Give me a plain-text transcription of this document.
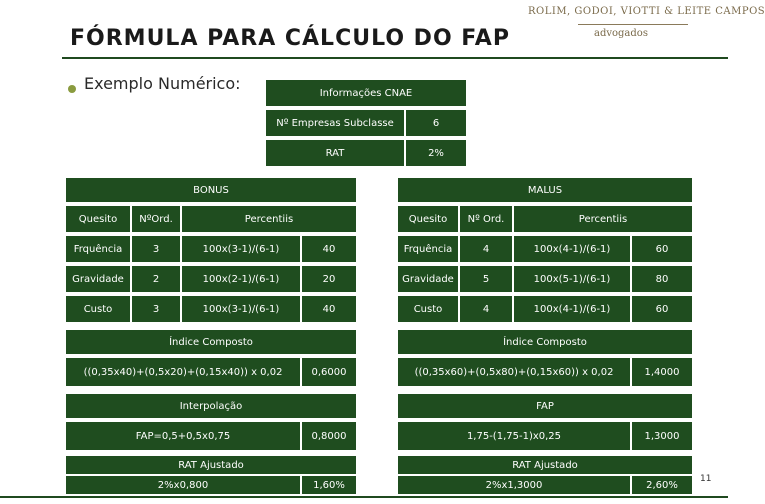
ROLIM, GODOI, VIOTTI & LEITE CAMPOS
advogados
FÓRMULA PARA CÁLCULO DO FAP
Exemplo Numérico:	Informações CNAE
Nº Empresas Subclasse	6
RAT	2%
BONUS
Quesito	NºOrd.	Percentiis
Frquência	3	100x(3-1)/(6-1)	40
Gravidade	2	100x(2-1)/(6-1)	20
Custo	3	100x(3-1)/(6-1)	40
Índice Composto
((0,35x40)+(0,5x20)+(0,15x40)) x 0,02	0,6000
Interpolação
FAP=0,5+0,5x0,75	0,8000
RAT Ajustado
2%x0,800	1,60%
MALUS
Quesito	Nº Ord.	Percentiis
Frquência	4	100x(4-1)/(6-1)	60
Gravidade	5	100x(5-1)/(6-1)	80
Custo	4	100x(4-1)/(6-1)	60
Índice Composto
((0,35x60)+(0,5x80)+(0,15x60)) x 0,02	1,4000
FAP
1,75-(1,75-1)x0,25	1,3000
RAT Ajustado
2%x1,3000	2,60%
11
